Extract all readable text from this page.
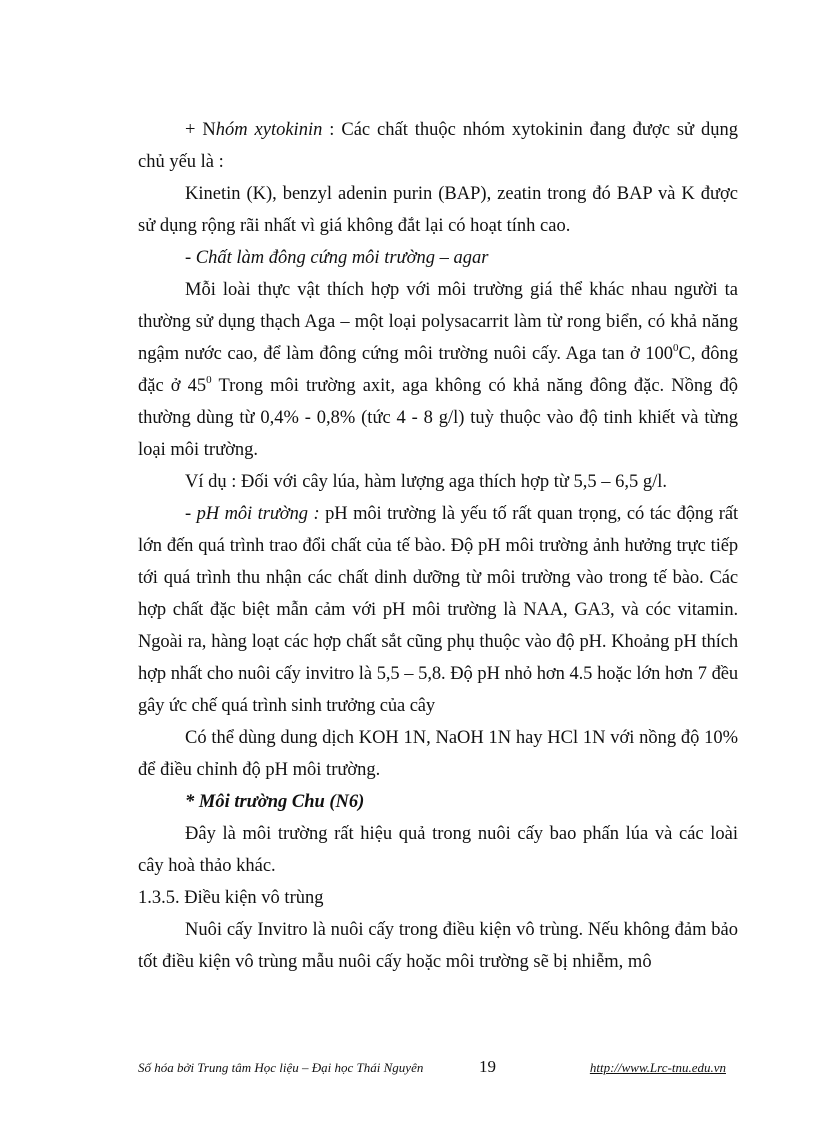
+ Nhóm xytokinin : Các chất thuộc nhóm xytokinin đang được sử dụng chủ yếu là :

Kinetin (K), benzyl adenin purin (BAP), zeatin trong đó BAP và K được sử dụng rộng rãi nhất vì giá không đắt lại có hoạt tính cao.

- Chất làm đông cứng môi trường – agar

Mỗi loài thực vật thích hợp với môi trường giá thể khác nhau người ta thường sử dụng thạch Aga – một loại polysacarrit làm từ rong biển, có khả năng ngậm nước cao, để làm đông cứng môi trường nuôi cấy. Aga tan ở $100^0C$, đông đặc ở $45^0$ Trong môi trường axit, aga không có khả năng đông đặc. Nồng độ thường dùng từ 0,4% - 0,8% (tức 4 - 8 g/l) tuỳ thuộc vào độ tinh khiết và từng loại môi trường.

Ví dụ : Đối với cây lúa, hàm lượng aga thích hợp từ 5,5 – 6,5 g/l.

- pH môi trường : pH môi trường là yếu tố rất quan trọng, có tác động rất lớn đến quá trình trao đổi chất của tế bào. Độ pH môi trường ảnh hưởng trực tiếp tới quá trình thu nhận các chất dinh dưỡng từ môi trường vào trong tế bào. Các hợp chất đặc biệt mẫn cảm với pH môi trường là NAA, GA3, và cóc vitamin. Ngoài ra, hàng loạt các hợp chất sắt cũng phụ thuộc vào độ pH. Khoảng pH thích hợp nhất cho nuôi cấy invitro là 5,5 – 5,8. Độ pH nhỏ hơn 4.5 hoặc lớn hơn 7 đều gây ức chế quá trình sinh trưởng của cây

Có thể dùng dung dịch KOH 1N, NaOH 1N hay HCl 1N với nồng độ 10% để điều chỉnh độ pH môi trường.

* Môi trường Chu (N6)

Đây là môi trường rất hiệu quả trong nuôi cấy bao phấn lúa và các loài cây hoà thảo khác.

1.3.5. Điều kiện vô trùng

Nuôi cấy Invitro là nuôi cấy trong điều kiện vô trùng. Nếu không đảm bảo tốt điều kiện vô trùng mẫu nuôi cấy hoặc môi trường sẽ bị nhiễm, mô

Số hóa bởi Trung tâm Học liệu – Đại học Thái Nguyên	19	http://www.Lrc-tnu.edu.vn
